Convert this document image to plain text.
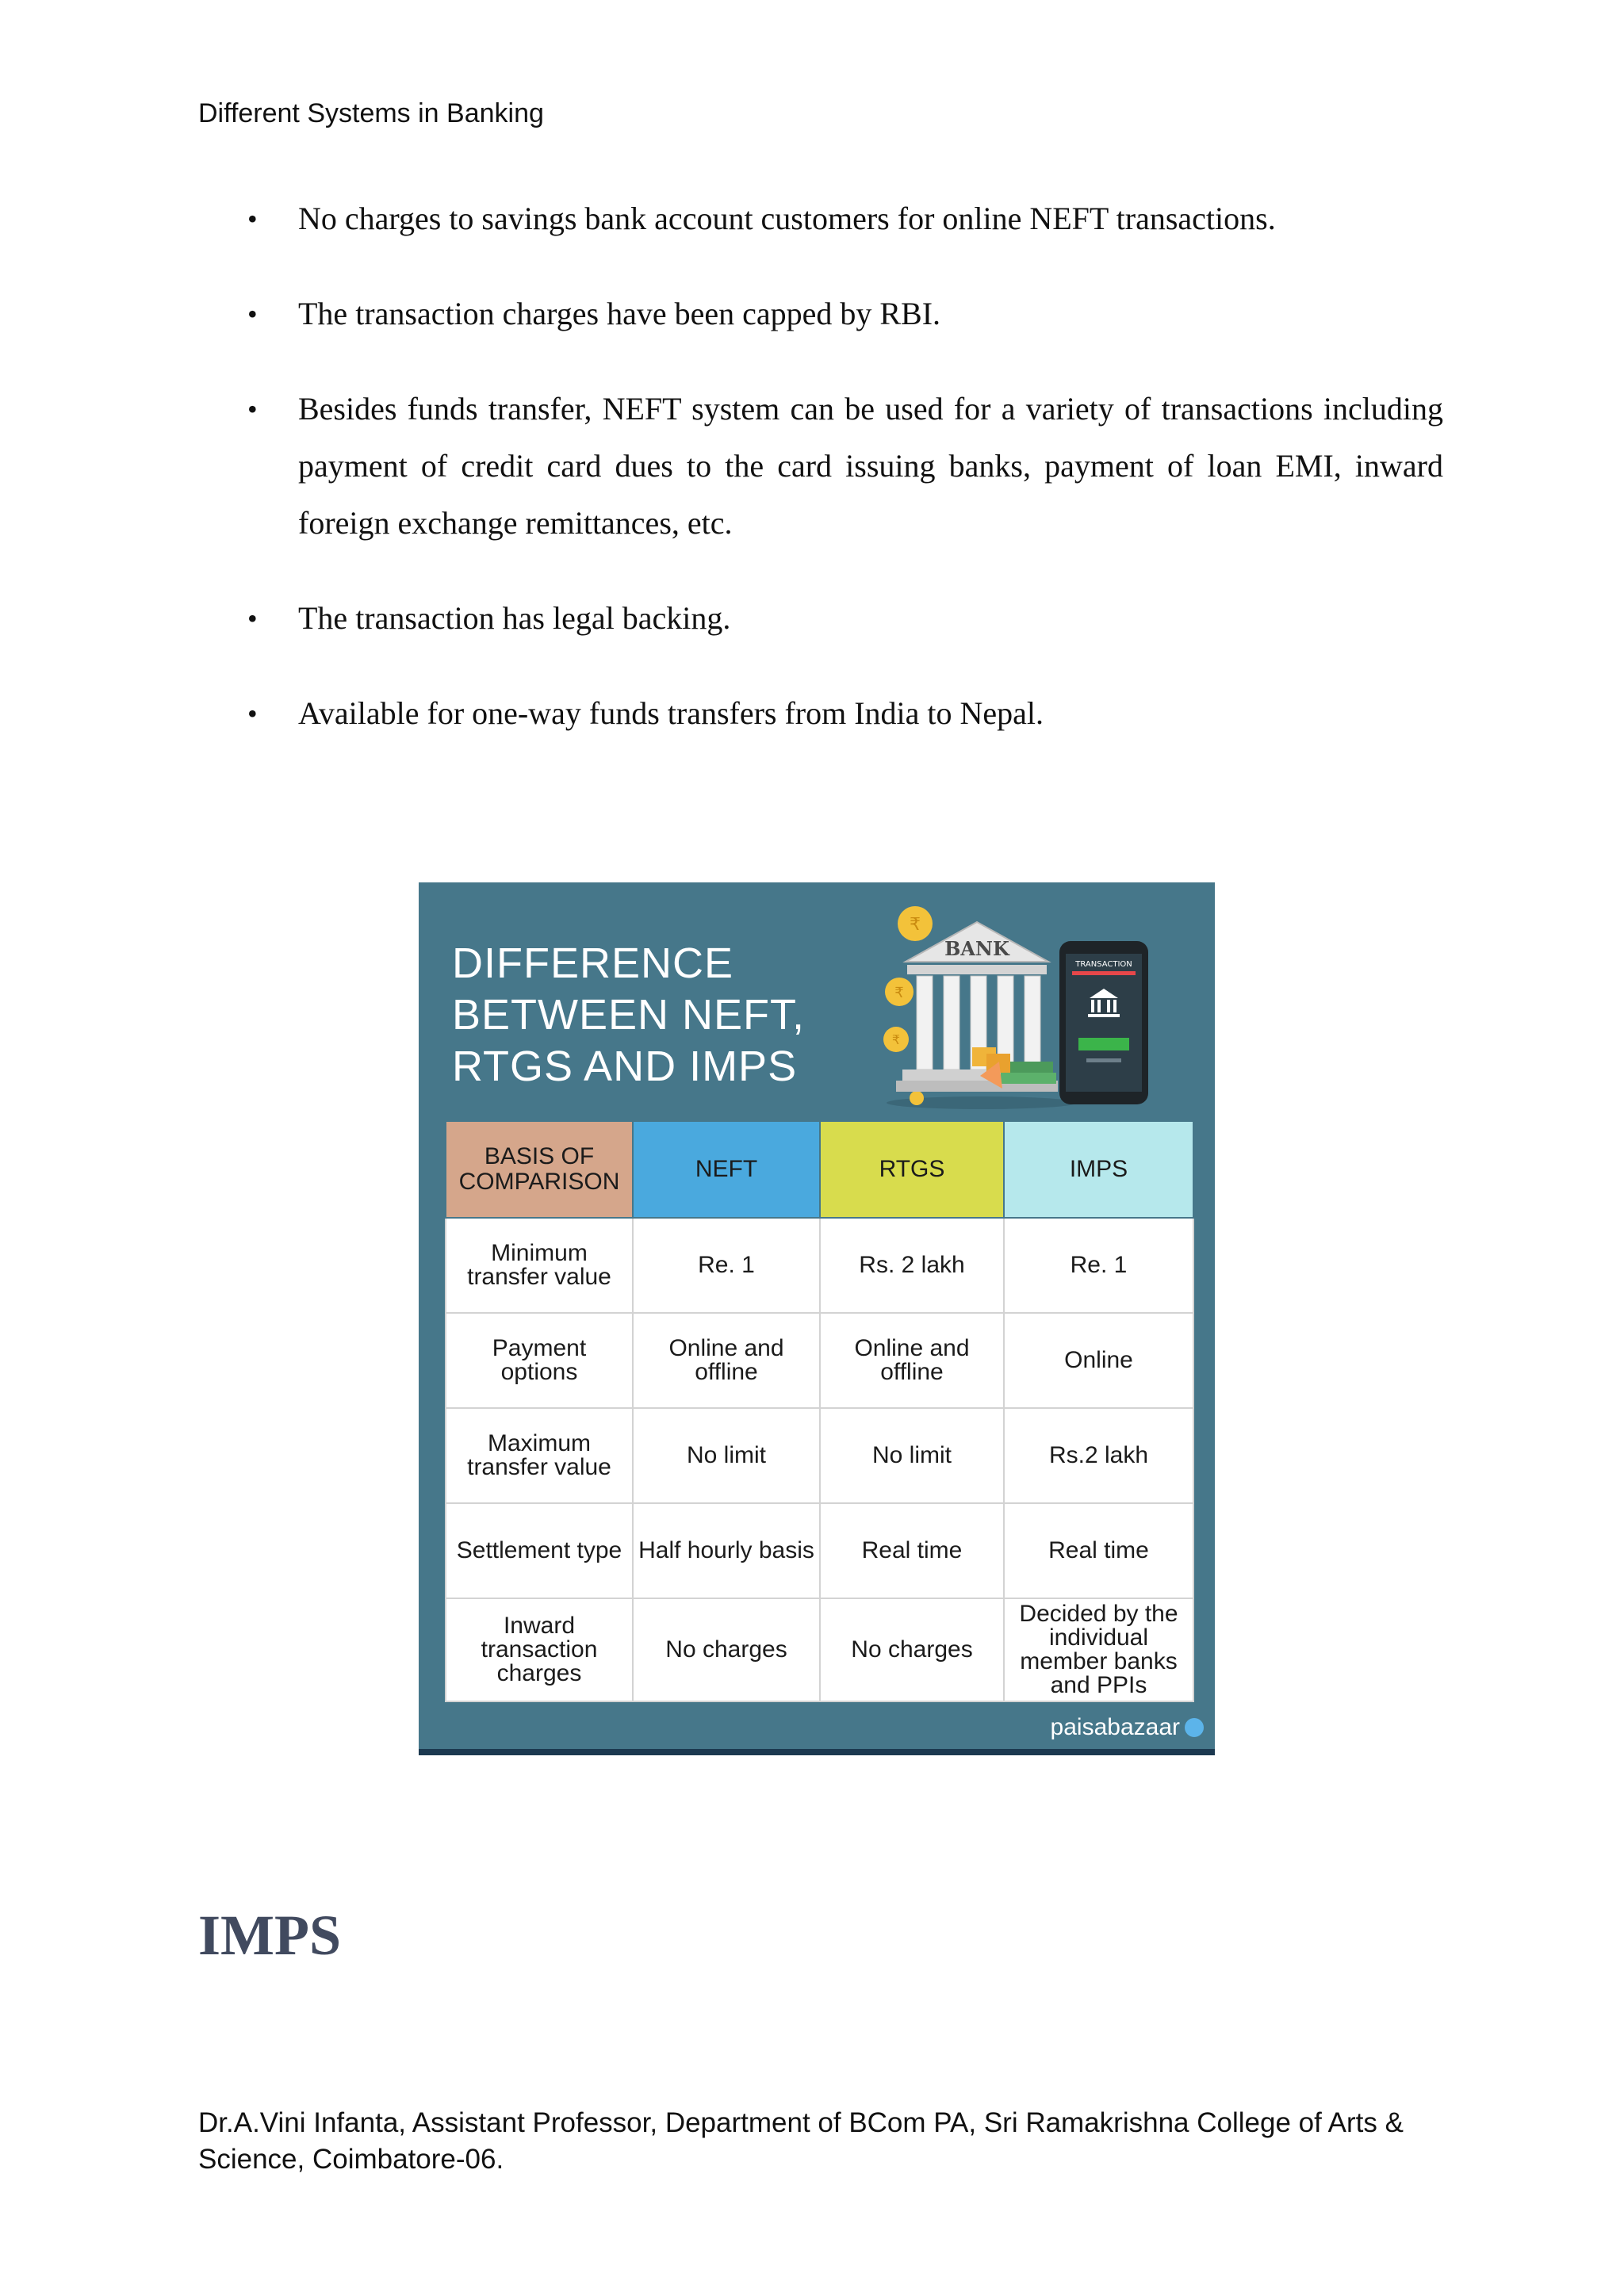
Different Systems in Banking
• No charges to savings bank account customers for online NEFT transactions.
• The transaction charges have been capped by RBI.
• Besides funds transfer, NEFT system can be used for a variety of transactions including payment of credit card dues to the card issuing banks, payment of loan EMI, inward foreign exchange remittances, etc.
• The transaction has legal backing.
• Available for one-way funds transfers from India to Nepal.
DIFFERENCE
BETWEEN NEFT,
RTGS AND IMPS
₹
₹
₹
BANK
TRANSACTION
BASIS OF COMPARISON	NEFT	RTGS	IMPS
Minimum transfer value	Re. 1	Rs. 2 lakh	Re. 1
Payment options	Online and offline	Online and offline	Online
Maximum transfer value	No limit	No limit	Rs.2 lakh
Settlement type	Half hourly basis	Real time	Real time
Inward transaction charges	No charges	No charges	Decided by the individual member banks and PPIs
paisabazaar
IMPS
Dr.A.Vini Infanta, Assistant Professor, Department of BCom PA, Sri Ramakrishna College of Arts & Science, Coimbatore-06.
